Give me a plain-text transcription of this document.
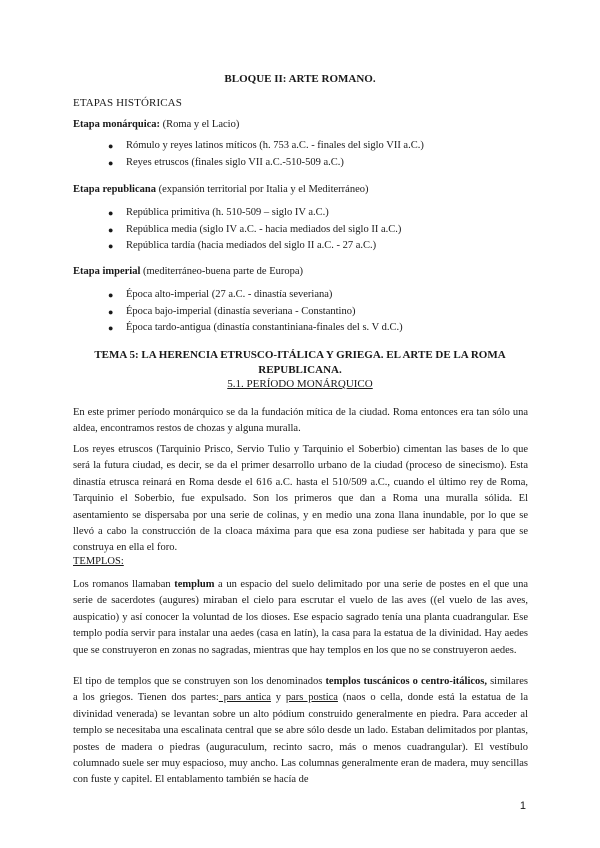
BLOQUE II: ARTE ROMANO.
ETAPAS HISTÓRICAS
Etapa monárquica: (Roma y el Lacio)
● Rómulo y reyes latinos míticos (h. 753 a.C. - finales del siglo VII a.C.)
● Reyes etruscos (finales siglo VII a.C.-510-509 a.C.)
Etapa republicana (expansión territorial por Italia y el Mediterráneo)
● República primitiva (h. 510-509 – siglo IV a.C.)
● República media (siglo IV a.C. - hacia mediados del siglo II a.C.)
● República tardía (hacia mediados del siglo II a.C. - 27 a.C.)
Etapa imperial (mediterráneo-buena parte de Europa)
● Época alto-imperial (27 a.C. - dinastía severiana)
● Época bajo-imperial (dinastía severiana - Constantino)
● Época tardo-antigua (dinastía constantiniana-finales del s. V d.C.)
TEMA 5: LA HERENCIA ETRUSCO-ITÁLICA Y GRIEGA. EL ARTE DE LA ROMA REPUBLICANA.
5.1. PERÍODO MONÁRQUICO

En este primer período monárquico se da la fundación mítica de la ciudad. Roma entonces era tan sólo una aldea, encontramos restos de chozas y alguna muralla.

Los reyes etruscos (Tarquinio Prisco, Servio Tulio y Tarquinio el Soberbio) cimentan las bases de lo que será la futura ciudad, es decir, se da el primer desarrollo urbano de la ciudad (proceso de sinecismo). Esta dinastía etrusca reinará en Roma desde el 616 a.C. hasta el 510/509 a.C., cuando el último rey de Roma, Tarquinio el Soberbio, fue expulsado. Son los primeros que dan a Roma una muralla sólida. El asentamiento se dispersaba por una serie de colinas, y en medio una zona llana inundable, por lo que se llevó a cabo la construcción de la cloaca máxima para que esa zona pudiese ser habitada y para que se construya en ella el foro.

TEMPLOS:

Los romanos llamaban templum a un espacio del suelo delimitado por una serie de postes en el que una serie de sacerdotes (augures) miraban el cielo para escrutar el vuelo de las aves ((el vuelo de las aves, auspicatio) y así conocer la voluntad de los dioses. Ese espacio sagrado tenía una planta cuadrangular. Ese templo podía servir para instalar una aedes (casa en latín), la casa para la estatua de la divinidad. Hay aedes que se construyeron en zonas no sagradas, mientras que hay templos en los que no se construyeron aedes.

El tipo de templos que se construyen son los denominados templos tuscánicos o centro-itálicos, similares a los griegos. Tienen dos partes: pars antica y pars postica (naos o cella, donde está la estatua de la divinidad venerada) se levantan sobre un alto pódium construido generalmente en piedra. Para acceder al templo se necesitaba una escalinata central que se abre sólo desde un lado. Estaban delimitados por plantas, postes de madera o piedras (auguraculum, recinto sacro, más o menos cuadrangular). El vestíbulo columnado suele ser muy espacioso, muy ancho. Las columnas generalmente eran de madera, muy sencillas con fuste y capitel. El entablamento también se hacía de

1
